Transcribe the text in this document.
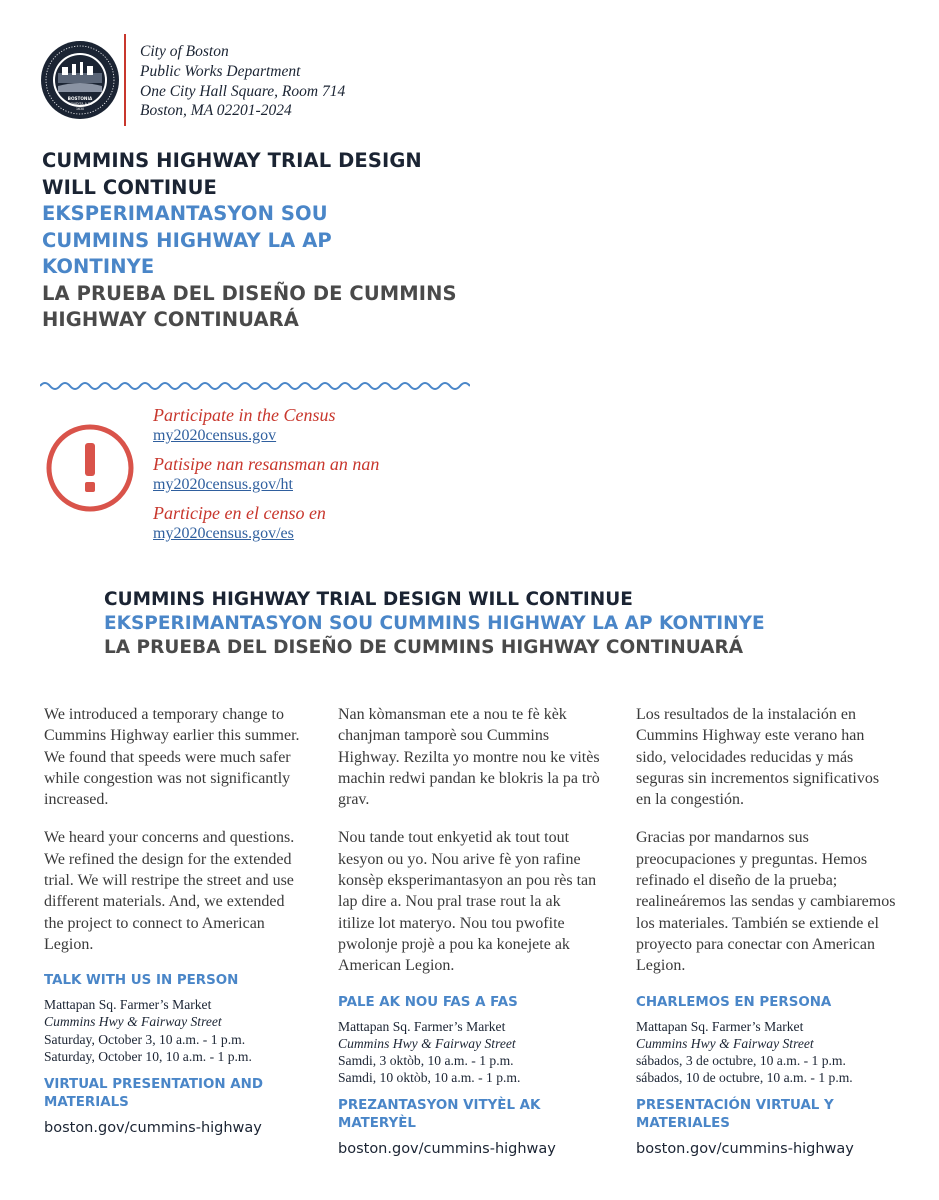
BOSTONIA
CONDITA A.D.
1630
City of Boston
Public Works Department
One City Hall Square, Room 714
Boston, MA 02201-2024
CUMMINS HIGHWAY TRIAL DESIGN WILL CONTINUE
EKSPERIMANTASYON SOU CUMMINS HIGHWAY LA AP KONTINYE
LA PRUEBA DEL DISEÑO DE CUMMINS HIGHWAY CONTINUARÁ
Participate in the Census
my2020census.gov
Patisipe nan resansman an nan
my2020census.gov/ht
Participe en el censo en
my2020census.gov/es
CUMMINS HIGHWAY TRIAL DESIGN WILL CONTINUE
EKSPERIMANTASYON SOU CUMMINS HIGHWAY LA AP KONTINYE
LA PRUEBA DEL DISEÑO DE CUMMINS HIGHWAY CONTINUARÁ

We introduced a temporary change to Cummins Highway earlier this summer. We found that speeds were much safer while congestion was not significantly increased.

We heard your concerns and questions. We refined the design for the extended trial. We will restripe the street and use different materials. And, we extended the project to connect to American Legion.

TALK WITH US IN PERSON
Mattapan Sq. Farmer’s Market
Cummins Hwy & Fairway Street
Saturday, October 3, 10 a.m. - 1 p.m.
Saturday, October 10, 10 a.m. - 1 p.m.
VIRTUAL PRESENTATION AND MATERIALS
boston.gov/cummins-highway

Nan kòmansman ete a nou te fè kèk chanjman tamporè sou Cummins Highway. Rezilta yo montre nou ke vitès machin redwi pandan ke blokris la pa trò grav.

Nou tande tout enkyetid ak tout tout kesyon ou yo. Nou arive fè yon rafine konsèp eksperimantasyon an pou rès tan lap dire a. Nou pral trase rout la ak itilize lot materyo. Nou tou pwofite pwolonje projè a pou ka konejete ak American Legion.

PALE AK NOU FAS A FAS
Mattapan Sq. Farmer’s Market
Cummins Hwy & Fairway Street
Samdi, 3 oktòb, 10 a.m. - 1 p.m.
Samdi, 10 oktòb, 10 a.m. - 1 p.m.
PREZANTASYON VITYÈL AK MATERYÈL
boston.gov/cummins-highway

Los resultados de la instalación en Cummins Highway este verano han sido, velocidades reducidas y más seguras sin incrementos significativos en la congestión.

Gracias por mandarnos sus preocupaciones y preguntas. Hemos refinado el diseño de la prueba; realineáremos las sendas y cambiaremos los materiales. También se extiende el proyecto para conectar con American Legion.

CHARLEMOS EN PERSONA
Mattapan Sq. Farmer’s Market
Cummins Hwy & Fairway Street
sábados, 3 de octubre, 10 a.m. - 1 p.m.
sábados, 10 de octubre, 10 a.m. - 1 p.m.
PRESENTACIÓN VIRTUAL Y MATERIALES
boston.gov/cummins-highway
